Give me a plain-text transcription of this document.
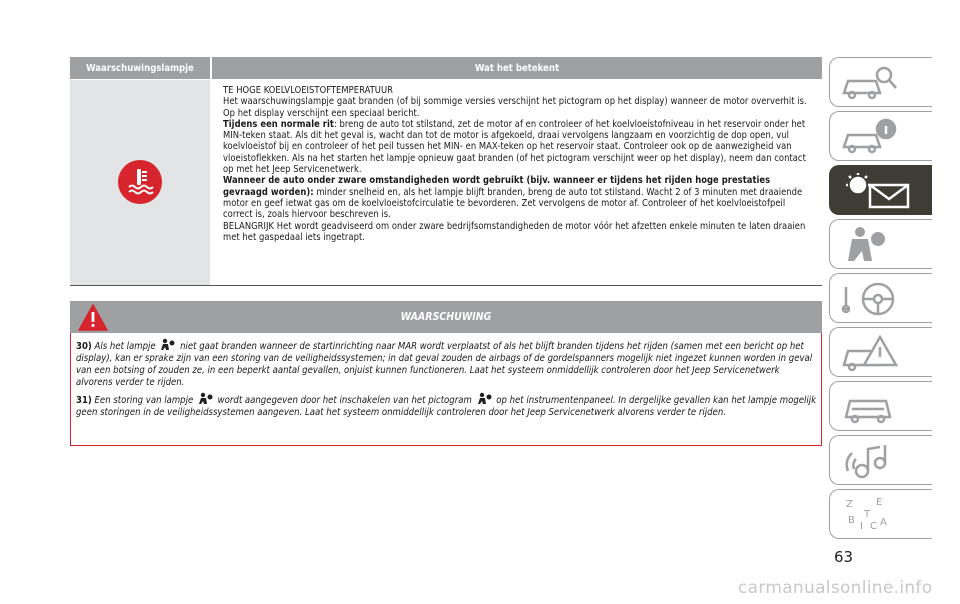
Waarschuwingslampje	Wat het betekent

TE HOGE KOELVLOEISTOFTEMPERATUUR

Het waarschuwingslampje gaat branden (of bij sommige versies verschijnt het pictogram op het display) wanneer de motor oververhit is. Op het display verschijnt een speciaal bericht.

Tijdens een normale rit: breng de auto tot stilstand, zet de motor af en controleer of het koelvloeistofniveau in het reservoir onder het MIN-teken staat. Als dit het geval is, wacht dan tot de motor is afgekoeld, draai vervolgens langzaam en voorzichtig de dop open, vul koelvloeistof bij en controleer of het peil tussen het MIN- en MAX-teken op het reservoir staat. Controleer ook op de aanwezigheid van vloeistoflekken. Als na het starten het lampje opnieuw gaat branden (of het pictogram verschijnt weer op het display), neem dan contact op met het Jeep Servicenetwerk.

Wanneer de auto onder zware omstandigheden wordt gebruikt (bijv. wanneer er tijdens het rijden hoge prestaties gevraagd worden): minder snelheid en, als het lampje blijft branden, breng de auto tot stilstand. Wacht 2 of 3 minuten met draaiende motor en geef ietwat gas om de koelvloeistofcirculatie te bevorderen. Zet vervolgens de motor af. Controleer of het koelvloeistofpeil correct is, zoals hiervoor beschreven is.

BELANGRIJK Het wordt geadviseerd om onder zware bedrijfsomstandigheden de motor vóór het afzetten enkele minuten te laten draaien met het gaspedaal iets ingetrapt.

WAARSCHUWING

30) Als het lampje	niet gaat branden wanneer de startinrichting naar MAR wordt verplaatst of als het blijft branden tijdens het rijden (samen met een bericht op het display), kan er sprake zijn van een storing van de veiligheidssystemen; in dat geval zouden de airbags of de gordelspanners mogelijk niet ingezet kunnen worden in geval van een botsing of zouden ze, in een beperkt aantal gevallen, onjuist kunnen functioneren. Laat het systeem onmiddellijk controleren door het Jeep Servicenetwerk alvorens verder te rijden.

31) Een storing van lampje	wordt aangegeven door het inschakelen van het pictogram	op het instrumentenpaneel. In dergelijke gevallen kan het lampje mogelijk geen storingen in de veiligheidssystemen aangeven. Laat het systeem onmiddellijk controleren door het Jeep Servicenetwerk alvorens verder te rijden.

Z E
B
I C A
T
63
carmanualsonline.info
